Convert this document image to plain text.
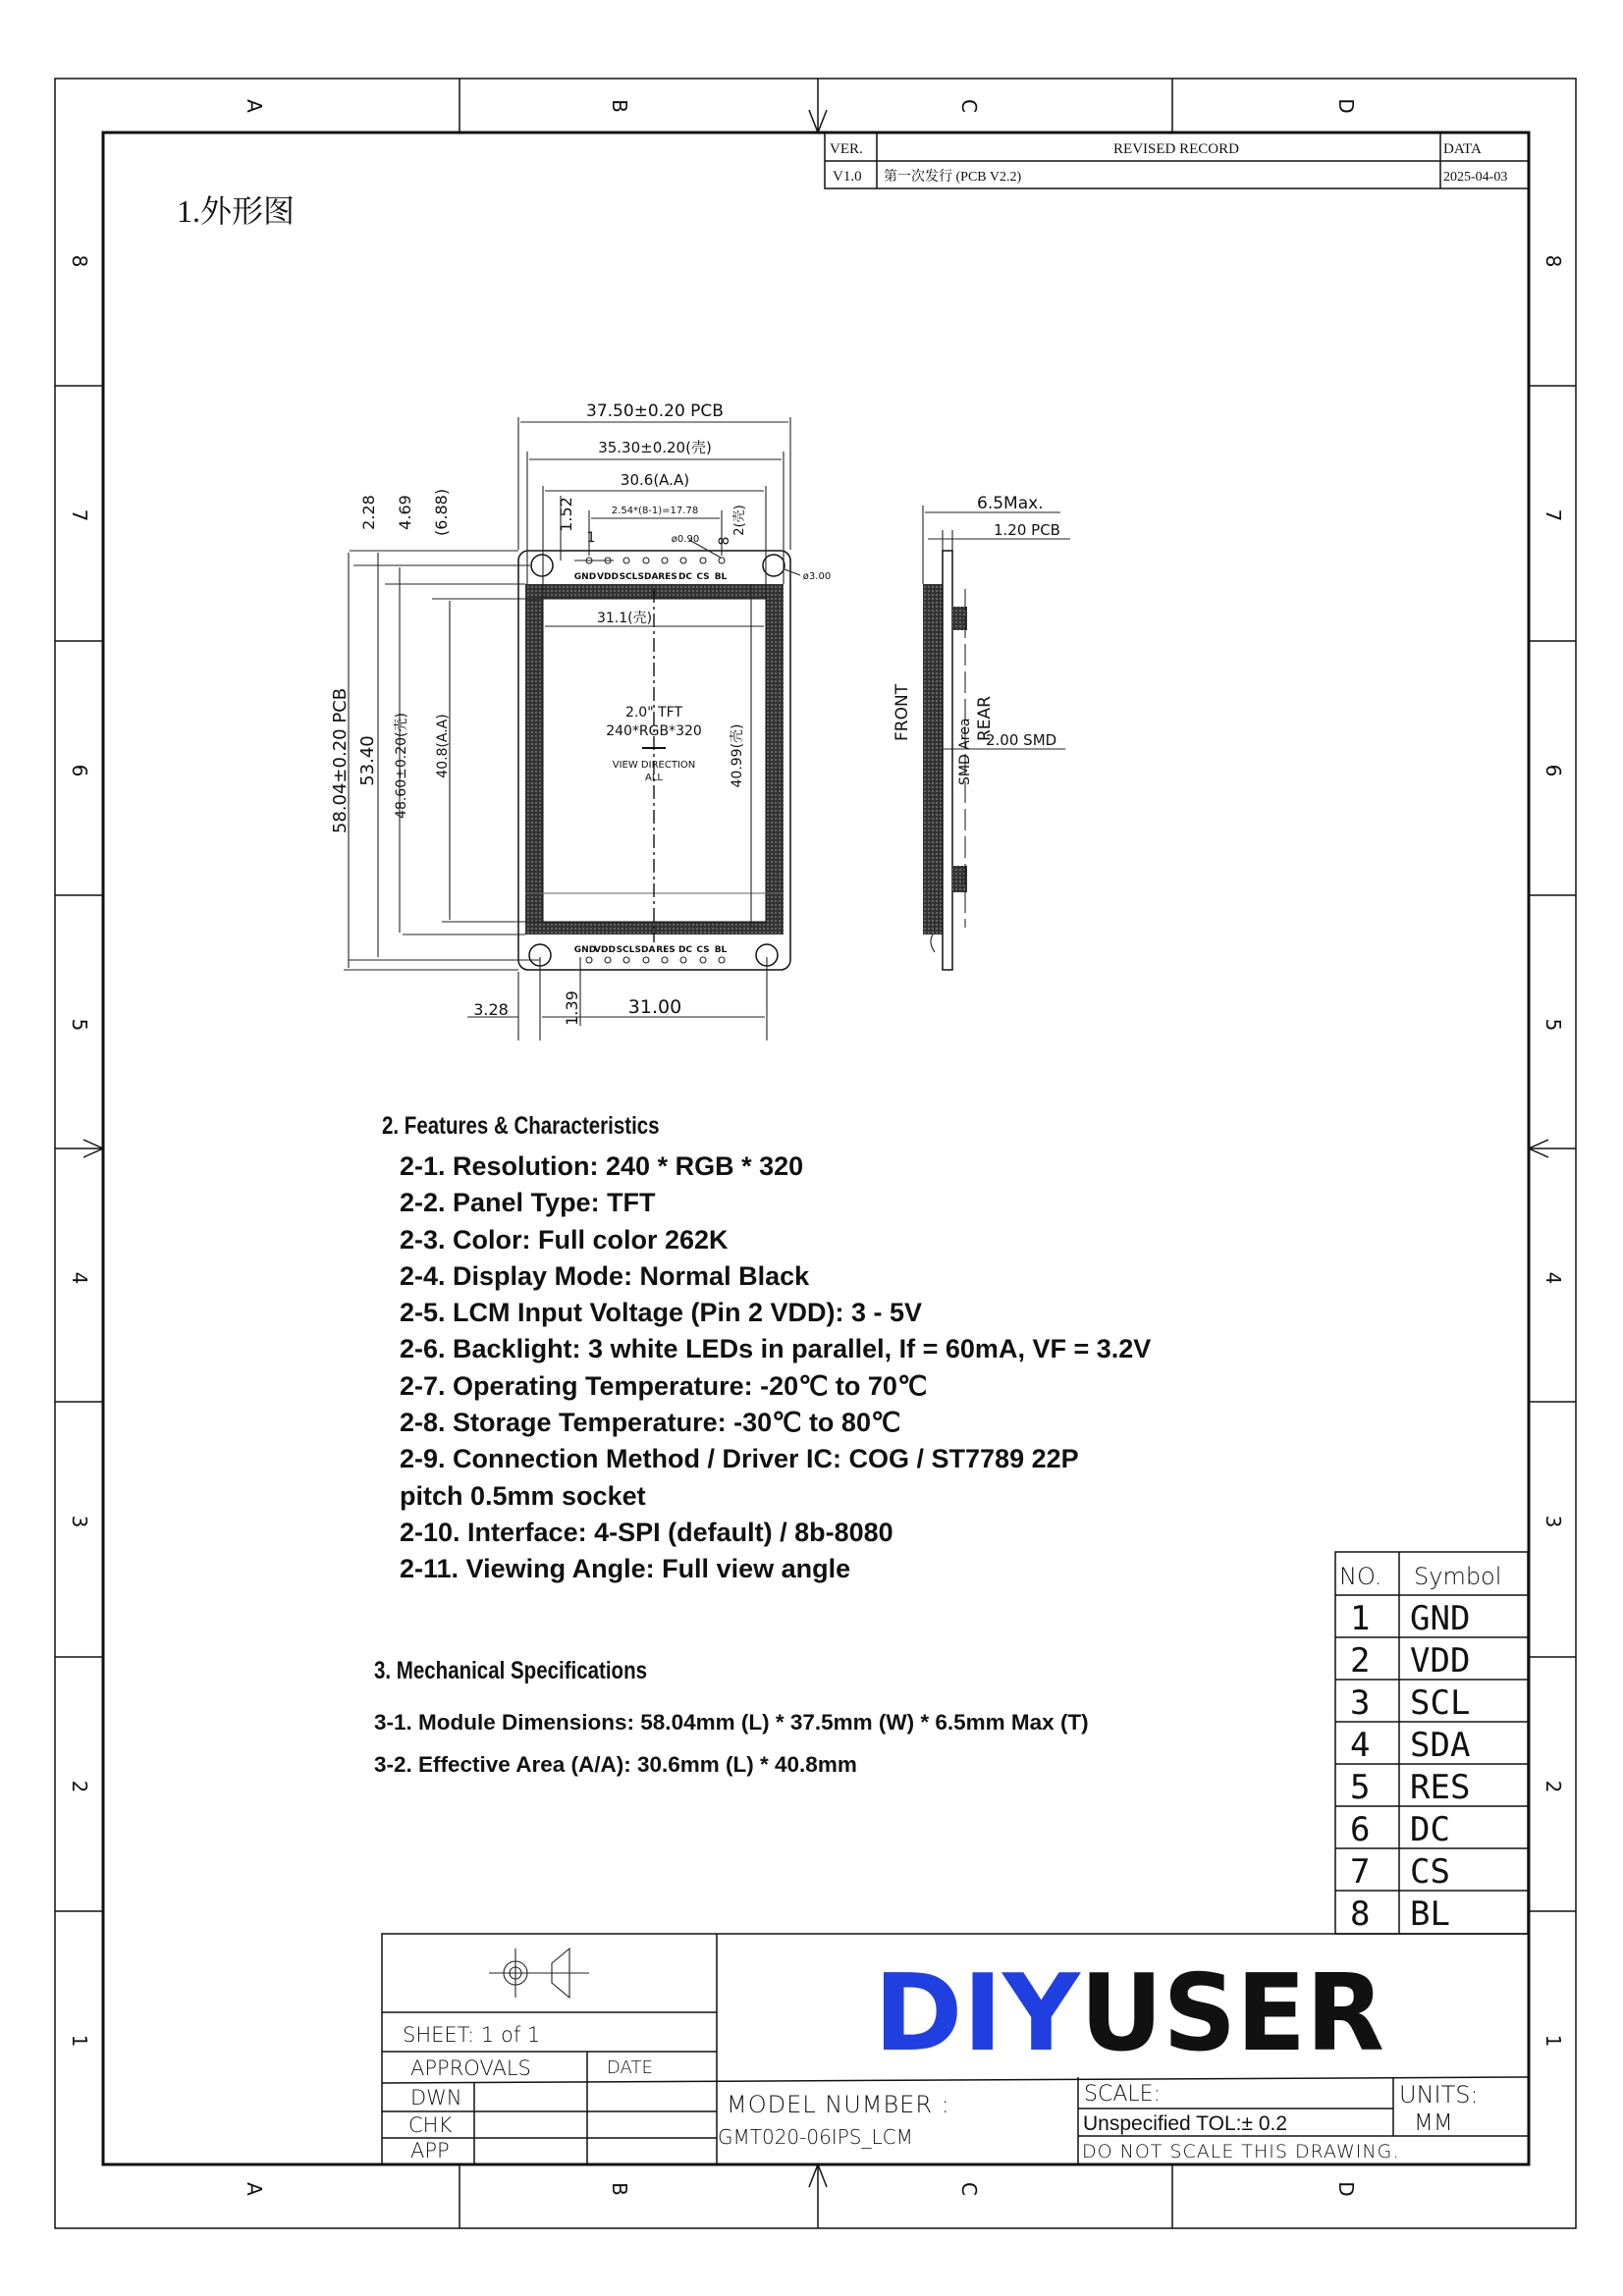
A	B	C	D
A	B	C	D
8
7
6
5
4
3
2
1
8
7
6
5
4
3
2
1
VER.	REVISED RECORD	DATA
V1.0 第一次发行 (PCB V2.2)	2025-04-03
1.外形图
GND VDD SCL SDA RES DC CS BL
GND
VDD SCL SDA RES DC CS BL
37.50±0.20 PCB
35.30±0.20(壳)
30.6(A.A)
2.54*(8-1)=17.78
ø0.90
ø3.00
1	8
31.1(壳)
2.0" TFT
240*RGB*320
VIEW DIRECTION
ALL
3.28	31.00
2.28 4.69 (6.88)	1.52	2(壳)
58.04±0.20 PCB 53.40 48.60±0.20(壳) 40.8(A.A)	40.99(壳)
1.39
6.5Max.
1.20 PCB
2.00 SMD
FRONT	REAR
SMD Area
NO. Symbol
1 GND
2 VDD
3 SCL
4 SDA
5 RES
6 DC
7 CS
8 BL
SHEET: 1 of 1
APPROVALS	DATE
DWN
CHK
APP
MODEL NUMBER :
GMT020-06IPS_LCM
SCALE:
Unspecified TOL:± 0.2
UNITS:
MM
DO NOT SCALE THIS DRAWING.
DIY
USER
2. Features & Characteristics
2-1. Resolution: 240 * RGB * 320
2-2. Panel Type: TFT
2-3. Color: Full color 262K
2-4. Display Mode: Normal Black
2-5. LCM Input Voltage (Pin 2 VDD): 3 - 5V
2-6. Backlight: 3 white LEDs in parallel, If = 60mA, VF = 3.2V
2-7. Operating Temperature: -20℃ to 70℃
2-8. Storage Temperature: -30℃ to 80℃
2-9. Connection Method / Driver IC: COG / ST7789 22P
pitch 0.5mm socket
2-10. Interface: 4-SPI (default) / 8b-8080
2-11. Viewing Angle: Full view angle
3. Mechanical Specifications
3-1. Module Dimensions: 58.04mm (L) * 37.5mm (W) * 6.5mm Max (T)
3-2. Effective Area (A/A): 30.6mm (L) * 40.8mm
